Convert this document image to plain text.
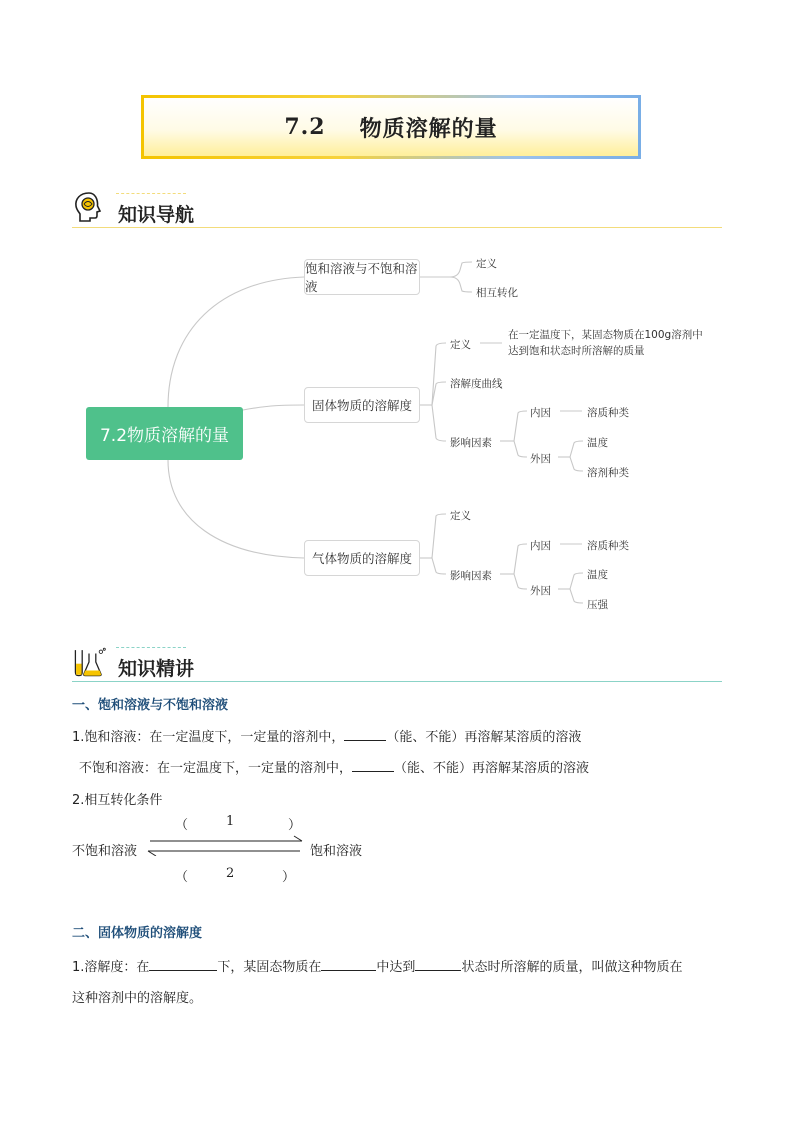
7.2 物质溶解的量
知识导航
7.2物质溶解的量
饱和溶液与不饱和溶液
定义
相互转化
固体物质的溶解度
定义
在一定温度下，某固态物质在100g溶剂中
达到饱和状态时所溶解的质量
溶解度曲线
影响因素
内因	溶质种类
外因
温度
溶剂种类
气体物质的溶解度
定义
影响因素
内因	溶质种类
外因
温度
压强
知识精讲
一、饱和溶液与不饱和溶液
1.饱和溶液：在一定温度下，一定量的溶剂中，	（能、不能）再溶解某溶质的溶液
不饱和溶液：在一定温度下，一定量的溶剂中，	（能、不能）再溶解某溶质的溶液
2.相互转化条件
（	1	）
不饱和溶液	饱和溶液
（	2	）
二、固体物质的溶解度
1.溶解度：在	下，某固态物质在	中达到	状态时所溶解的质量，叫做这种物质在
这种溶剂中的溶解度。
